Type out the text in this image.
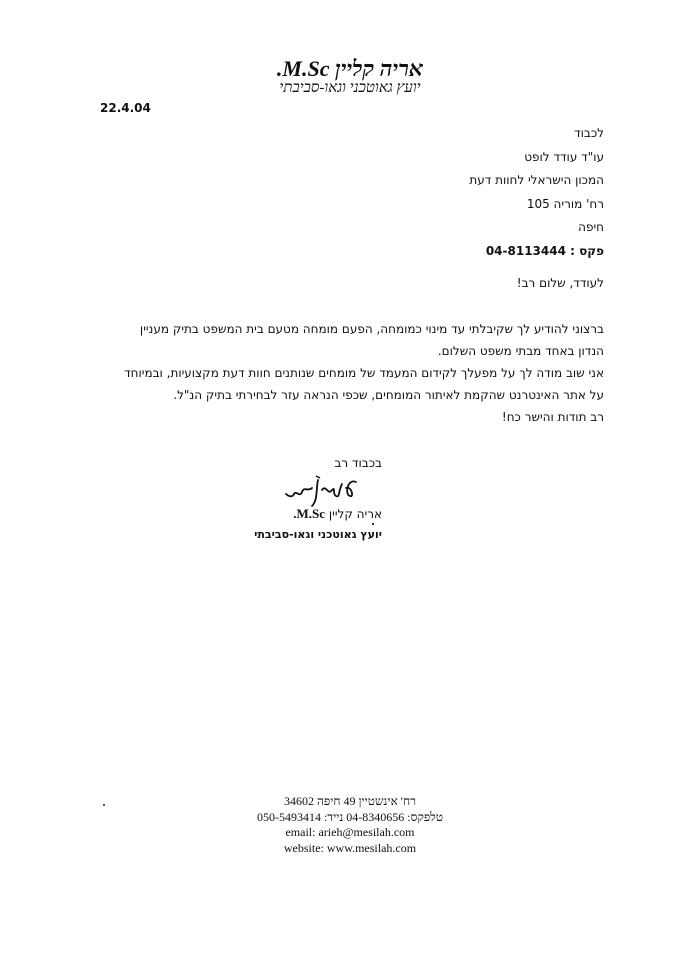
אריה קליין M.Sc.
יועץ גאוטכני וגאו-סביבתי
22.4.04
לכבוד
עו"ד עודד לופט
המכון הישראלי לחוות דעת
רח' מוריה 105
חיפה
פקס : 04-8113444
לעודד, שלום רב!
ברצוני להודיע לך שקיבלתי עד מינוי כמומחה, הפעם מומחה מטעם בית המשפט בתיק מעניין
הנדון באחד מבתי משפט השלום.
אני שוב מודה לך על מפעלך לקידום המעמד של מומחים שנותנים חוות דעת מקצועיות, ובמיוחד
על אתר האינטרנט שהקמת לאיתור המומחים, שכפי הנראה עזר לבחירתי בתיק הנ"ל.
רב תודות והישר כח!
בכבוד רב
אריה קליין M.Sc.
יועץ גאוטכני וגאו-סביבתי
רח' אינשטיין 49 חיפה 34602
טלפקס: 04-8340656 נייד: 050-5493414
email: arieh@mesilah.com
website: www.mesilah.com
